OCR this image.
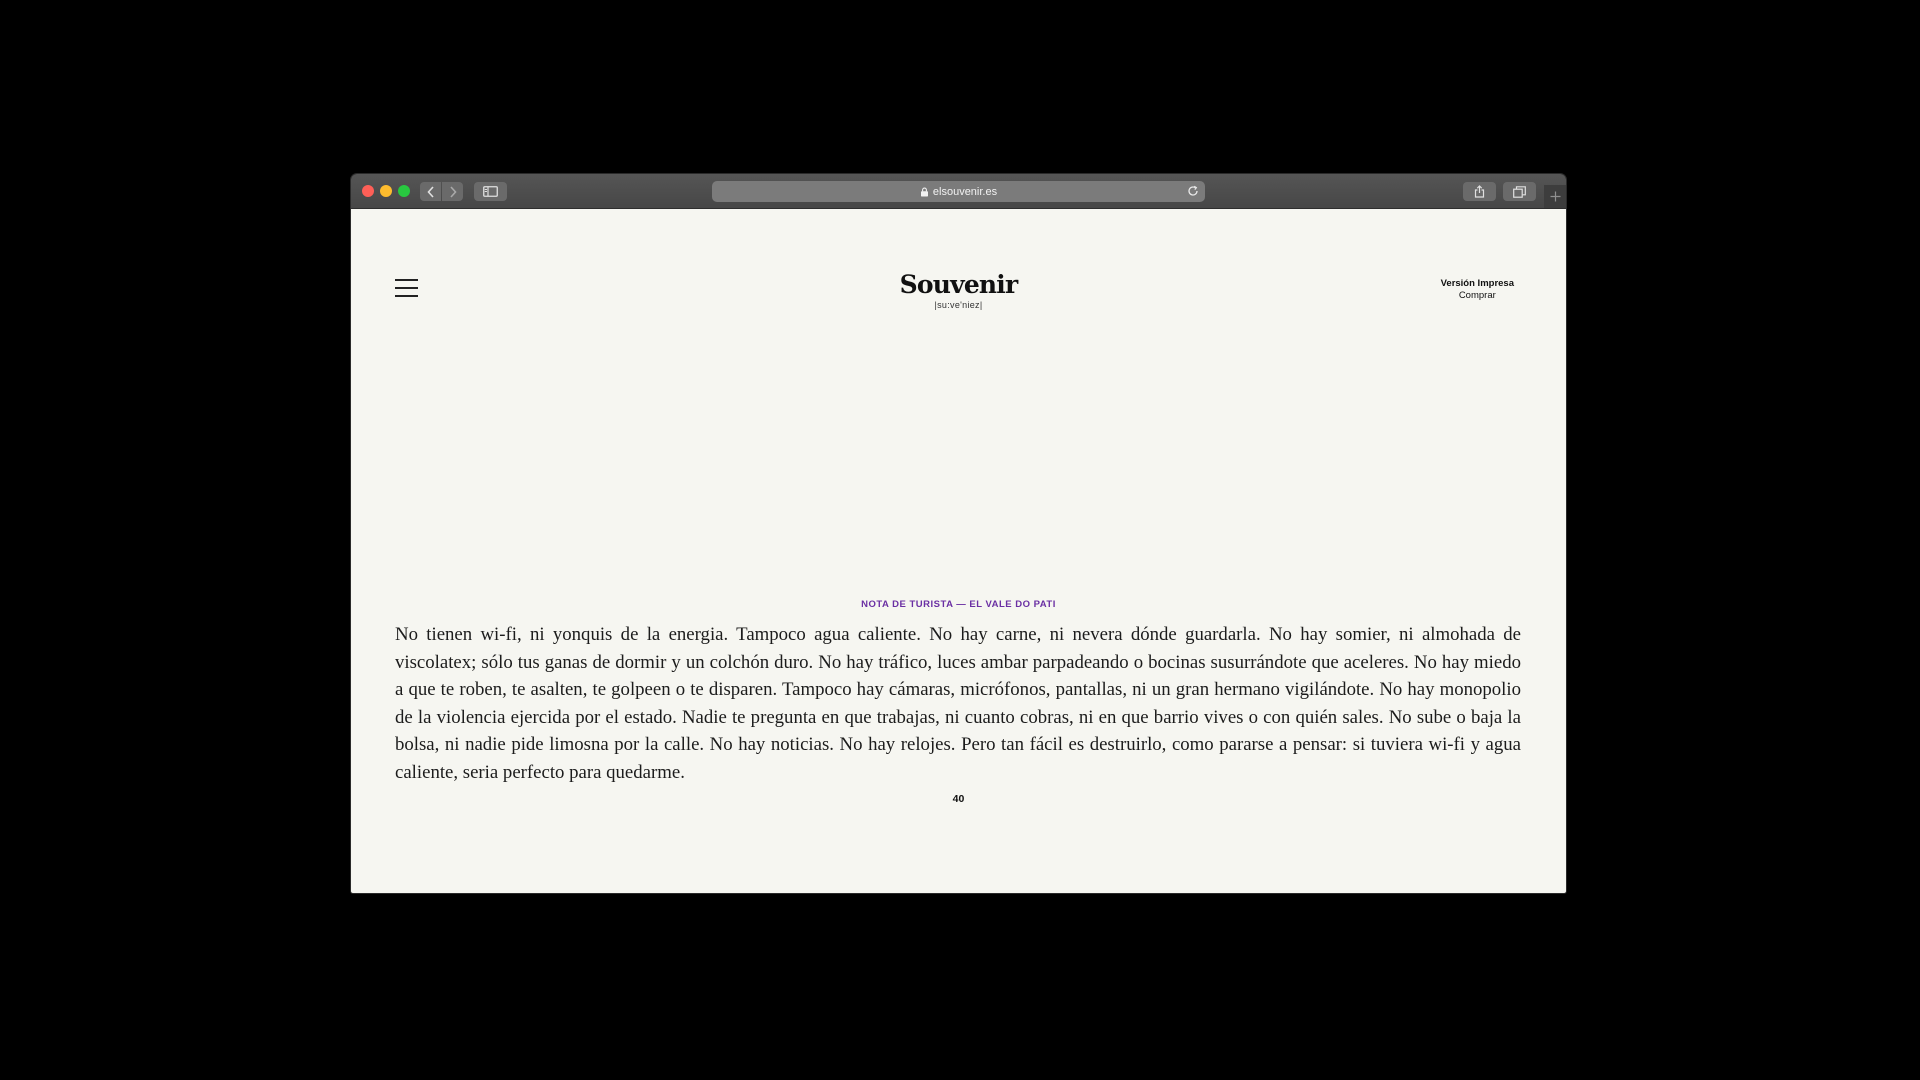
elsouvenir.es
Souvenir
|su:ve'niez|
Versión Impresa
Comprar
NOTA DE TURISTA — EL VALE DO PATI

No tienen wi-fi, ni yonquis de la energia. Tampoco agua caliente. No hay carne, ni nevera dónde guardarla. No hay somier, ni almohada de viscolatex; sólo tus ganas de dormir y un colchón duro. No hay tráfico, luces ambar parpadeando o bocinas susurrándote que aceleres. No hay miedo a que te roben, te asalten, te golpeen o te disparen. Tampoco hay cámaras, micrófonos, pantallas, ni un gran hermano vigilándote. No hay monopolio de la violencia ejercida por el estado. Nadie te pregunta en que trabajas, ni cuanto cobras, ni en que barrio vives o con quién sales. No sube o baja la bolsa, ni nadie pide limosna por la calle. No hay noticias. No hay relojes. Pero tan fácil es destruirlo, como pararse a pensar: si tuviera wi-fi y agua caliente, seria perfecto para quedarme.

40
